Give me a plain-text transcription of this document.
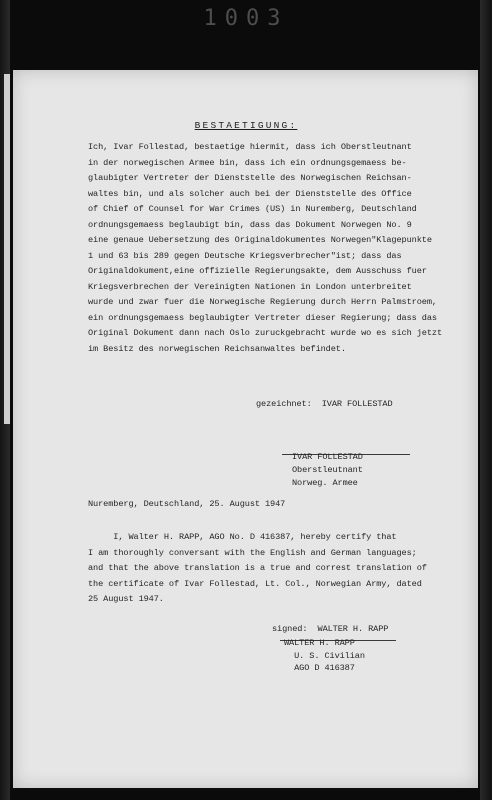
1003
BESTAETIGUNG:
Ich, Ivar Follestad, bestaetige hiermit, dass ich Oberstleutnant
in der norwegischen Armee bin, dass ich ein ordnungsgemaess be-
glaubigter Vertreter der Dienststelle des Norwegischen Reichsan-
waltes bin, und als solcher auch bei der Dienststelle des Office
of Chief of Counsel for War Crimes (US) in Nuremberg, Deutschland
ordnungsgemaess beglaubigt bin, dass das Dokument Norwegen No. 9
eine genaue Uebersetzung des Originaldokumentes Norwegen"Klagepunkte
1 und 63 bis 289 gegen Deutsche Kriegsverbrecher"ist; dass das
Originaldokument,eine offizielle Regierungsakte, dem Ausschuss fuer
Kriegsverbrechen der Vereinigten Nationen in London unterbreitet
wurde und zwar fuer die Norwegische Regierung durch Herrn Palmstroem,
ein ordnungsgemaess beglaubigter Vertreter dieser Regierung; dass das
Original Dokument dann nach Oslo zuruckgebracht wurde wo es sich jetzt
im Besitz des norwegischen Reichsanwaltes befindet.
gezeichnet:  IVAR FOLLESTAD
IVAR FOLLESTAD
Oberstleutnant
Norweg. Armee
Nuremberg, Deutschland, 25. August 1947
I, Walter H. RAPP, AGO No. D 416387, hereby certify that
I am thoroughly conversant with the English and German languages;
and that the above translation is a true and correst translation of
the certificate of Ivar Follestad, Lt. Col., Norwegian Army, dated
25 August 1947.
signed:  WALTER H. RAPP
WALTER H. RAPP
U. S. Civilian
AGO D 416387
